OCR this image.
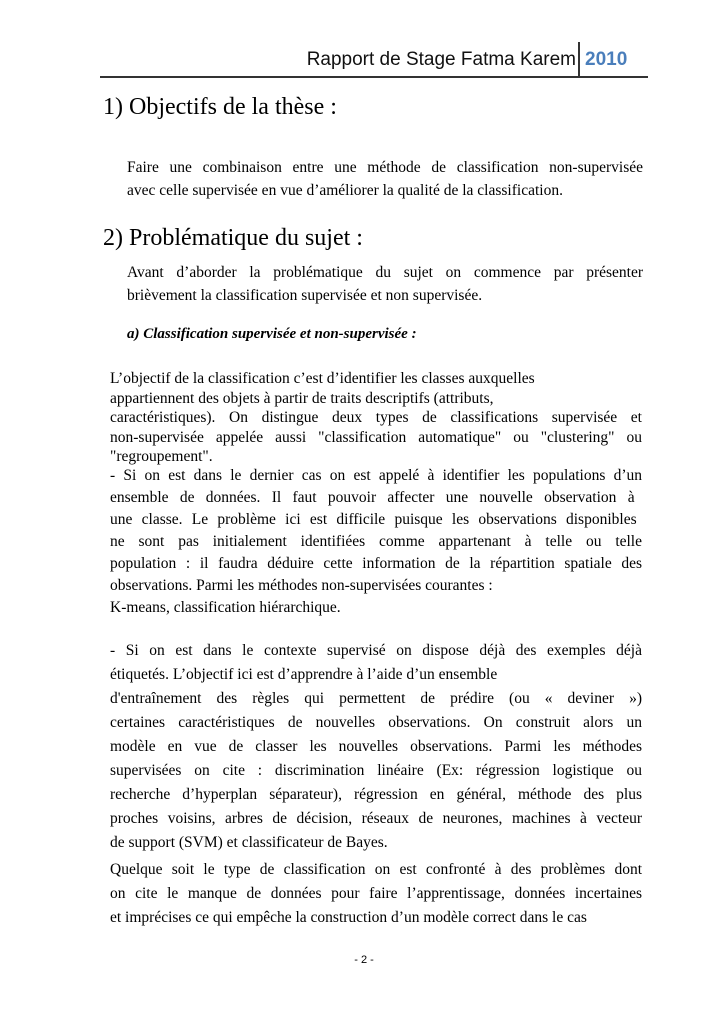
Rapport de Stage Fatma Karem 2010
1) Objectifs de la thèse :
Faire une combinaison entre une méthode de classification non-supervisée
avec celle supervisée en vue d’améliorer la qualité de la classification.
2) Problématique du sujet :
Avant d’aborder la problématique du sujet on commence par présenter
brièvement la classification supervisée et non supervisée.
a) Classification supervisée et non-supervisée :
L’objectif de la classification c’est d’identifier les classes auxquelles
appartiennent des objets à partir de traits descriptifs (attributs,
caractéristiques). On distingue deux types de classifications supervisée et
non-supervisée appelée aussi "classification automatique" ou "clustering" ou
"regroupement".
- Si on est dans le dernier cas on est appelé à identifier les populations d’un
ensemble de données. Il faut pouvoir affecter une nouvelle observation à
une classe. Le problème ici est difficile puisque les observations disponibles
ne sont pas initialement identifiées comme appartenant à telle ou telle
population : il faudra déduire cette information de la répartition spatiale des
observations. Parmi les méthodes non-supervisées courantes :
K-means, classification hiérarchique.
- Si on est dans le contexte supervisé on dispose déjà des exemples déjà
étiquetés. L’objectif ici est d’apprendre à l’aide d’un ensemble
d'entraînement des règles qui permettent de prédire (ou « deviner »)
certaines caractéristiques de nouvelles observations. On construit alors un
modèle en vue de classer les nouvelles observations. Parmi les méthodes
supervisées on cite : discrimination linéaire (Ex: régression logistique ou
recherche d’hyperplan séparateur), régression en général, méthode des plus
proches voisins, arbres de décision, réseaux de neurones, machines à vecteur
de support (SVM) et classificateur de Bayes.
Quelque soit le type de classification on est confronté à des problèmes dont
on cite le manque de données pour faire l’apprentissage, données incertaines
et imprécises ce qui empêche la construction d’un modèle correct dans le cas
- 2 -
